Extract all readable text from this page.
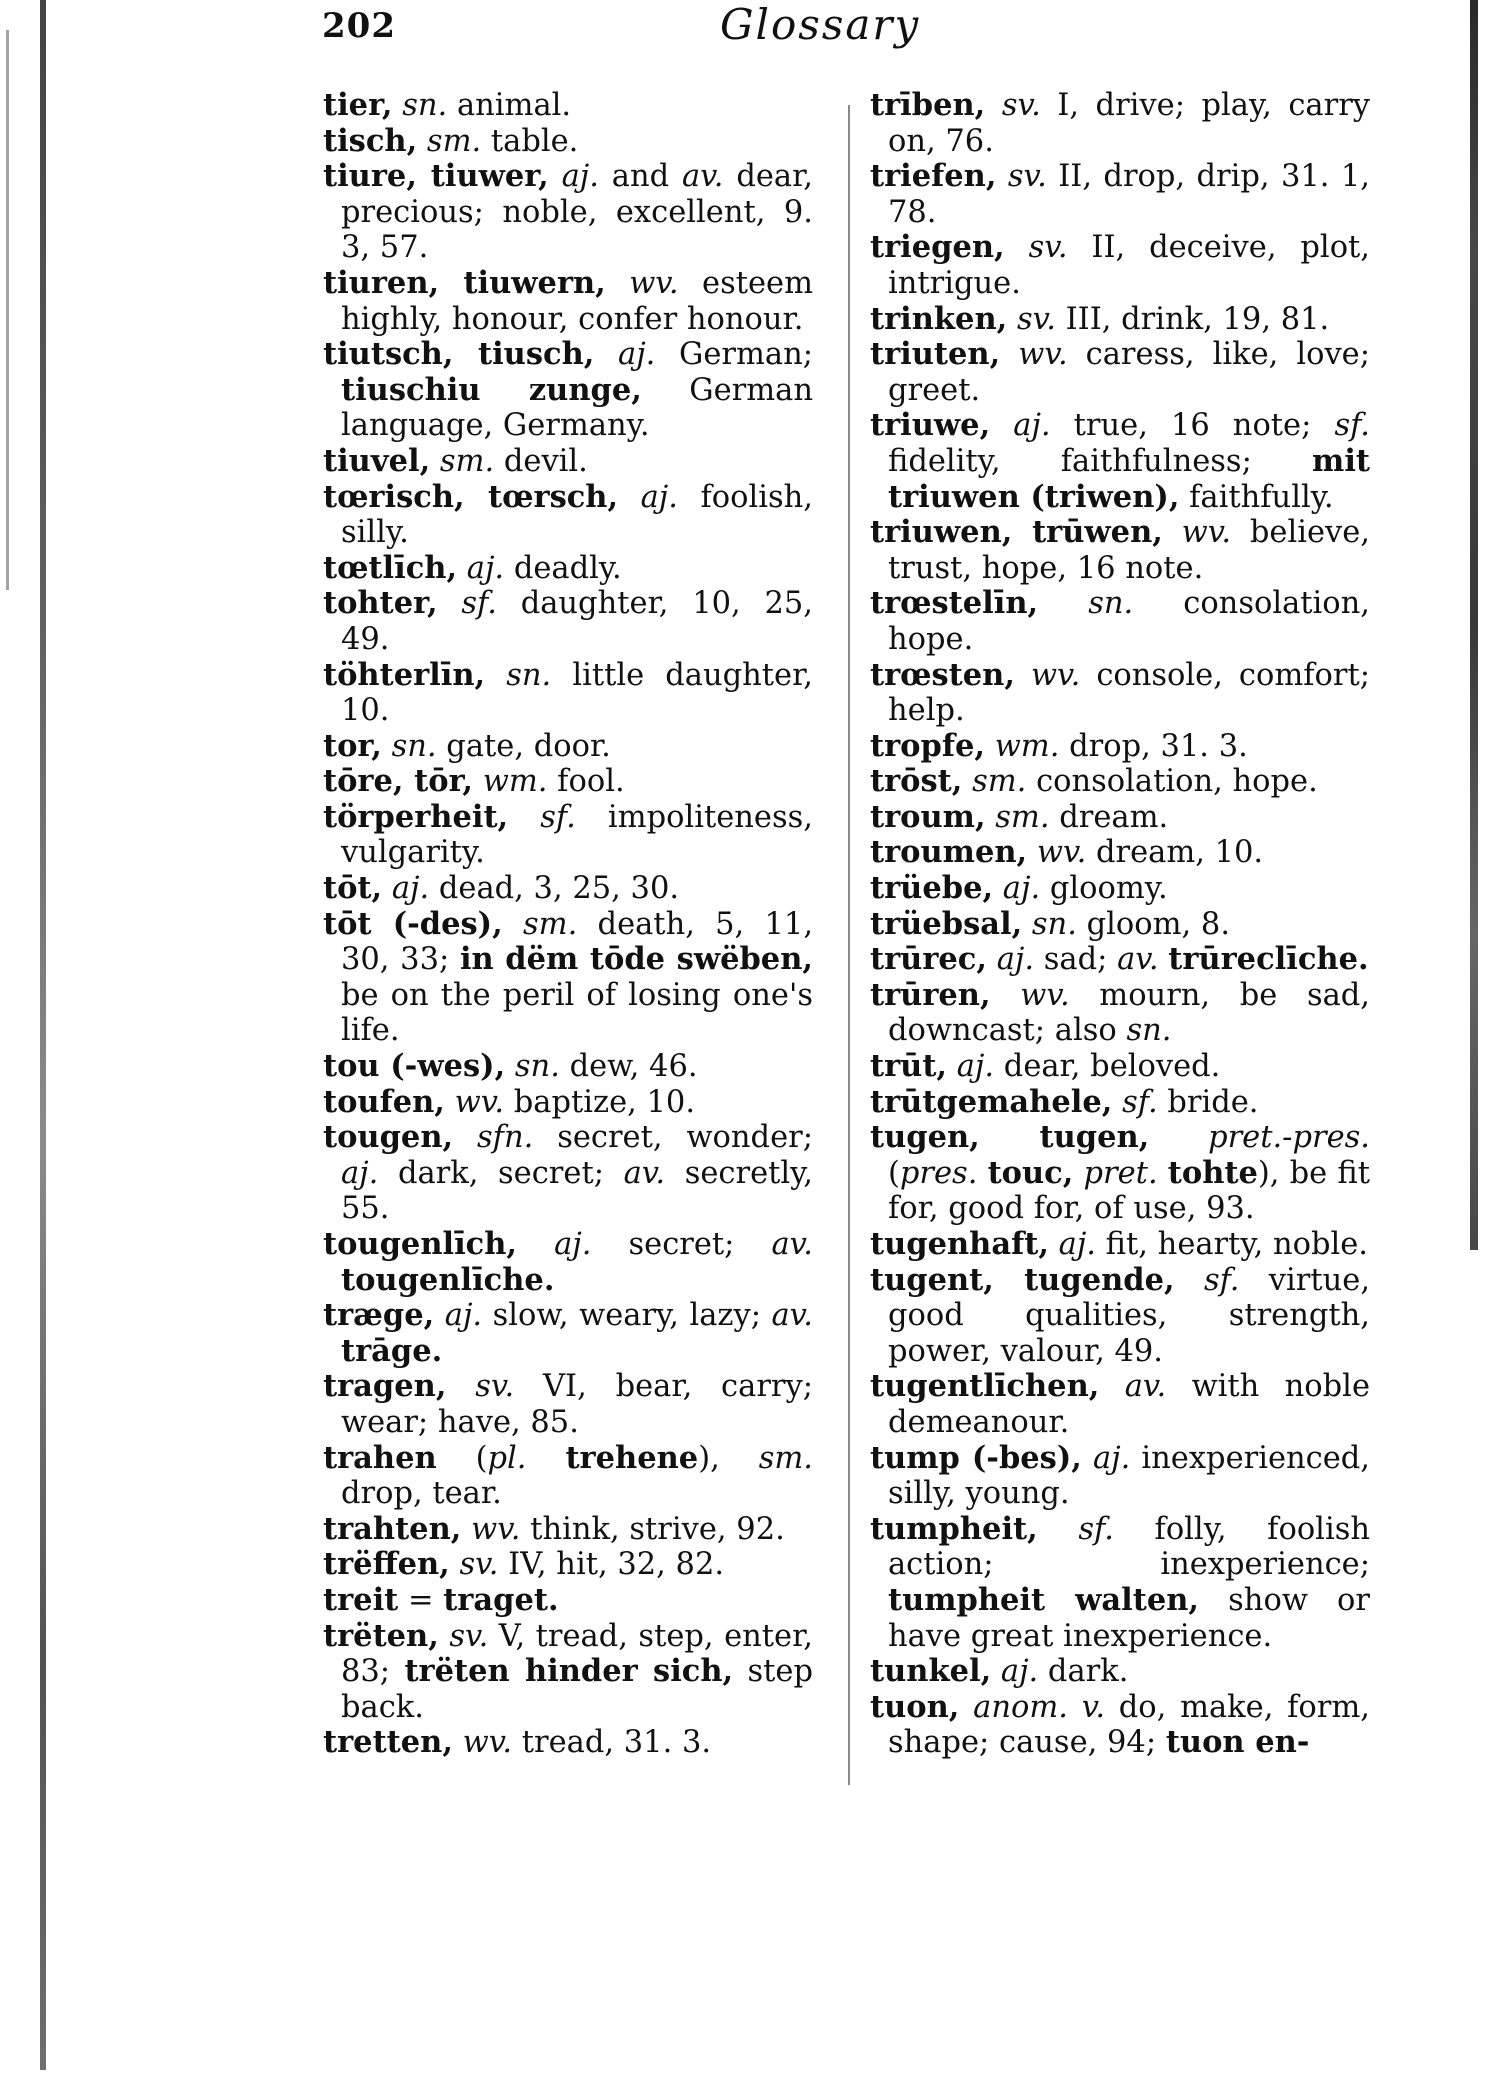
202	Glossary

tier, sn. animal.

tisch, sm. table.

tiure, tiuwer, aj. and av. dear, precious; noble, excellent, 9. 3, 57.

tiuren, tiuwern, wv. esteem highly, honour, confer honour.

tiutsch, tiusch, aj. German; tiuschiu zunge, German language, Germany.

tiuvel, sm. devil.

tœrisch, tœrsch, aj. foolish, silly.

tœtlīch, aj. deadly.

tohter, sf. daughter, 10, 25, 49.

töhterlīn, sn. little daughter, 10.

tor, sn. gate, door.

tōre, tōr, wm. fool.

törperheit, sf. impoliteness, vulgarity.

tōt, aj. dead, 3, 25, 30.

tōt (-des), sm. death, 5, 11, 30, 33; in dëm tōde swëben, be on the peril of losing one's life.

tou (-wes), sn. dew, 46.

toufen, wv. baptize, 10.

tougen, sfn. secret, wonder; aj. dark, secret; av. secretly, 55.

tougenlīch, aj. secret; av. tougenlīche.

træge, aj. slow, weary, lazy; av. trāge.

tragen, sv. VI, bear, carry; wear; have, 85.

trahen (pl. trehene), sm. drop, tear.

trahten, wv. think, strive, 92.

trëffen, sv. IV, hit, 32, 82.

treit = traget.

trëten, sv. V, tread, step, enter, 83; trëten hinder sich, step back.

tretten, wv. tread, 31. 3.

trīben, sv. I, drive; play, carry on, 76.

triefen, sv. II, drop, drip, 31. 1, 78.

triegen, sv. II, deceive, plot, intrigue.

trinken, sv. III, drink, 19, 81.

triuten, wv. caress, like, love; greet.

triuwe, aj. true, 16 note; sf. fidelity, faithfulness; mit triuwen (triwen), faithfully.

triuwen, trūwen, wv. believe, trust, hope, 16 note.

trœstelīn, sn. consolation, hope.

trœsten, wv. console, comfort; help.

tropfe, wm. drop, 31. 3.

trōst, sm. consolation, hope.

troum, sm. dream.

troumen, wv. dream, 10.

trüebe, aj. gloomy.

trüebsal, sn. gloom, 8.

trūrec, aj. sad; av. trūreclīche.

trūren, wv. mourn, be sad, downcast; also sn.

trūt, aj. dear, beloved.

trūtgemahele, sf. bride.

tugen, tugen, pret.-pres. (pres. touc, pret. tohte), be fit for, good for, of use, 93.

tugenhaft, aj. fit, hearty, noble.

tugent, tugende, sf. virtue, good qualities, strength, power, valour, 49.

tugentlīchen, av. with noble demeanour.

tump (-bes), aj. inexperienced, silly, young.

tumpheit, sf. folly, foolish action; inexperience; tumpheit walten, show or have great inexperience.

tunkel, aj. dark.

tuon, anom. v. do, make, form, shape; cause, 94; tuon en-
